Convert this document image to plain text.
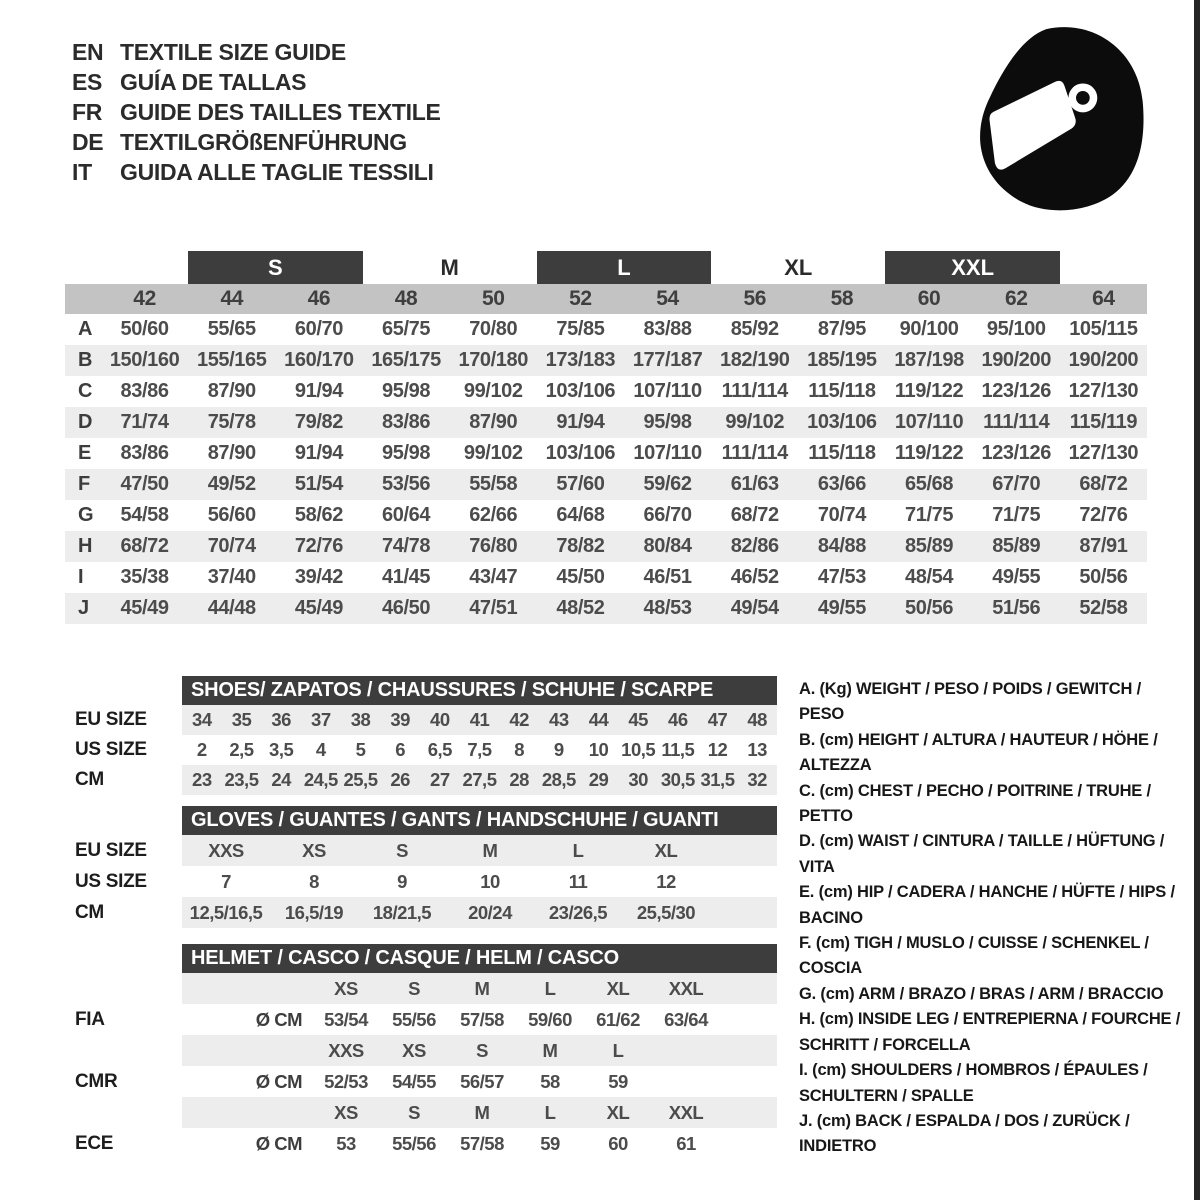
EN TEXTILE SIZE GUIDE
ES GUÍA DE TALLAS
FR GUIDE DES TAILLES TEXTILE
DE TEXTILGRÖßENFÜHRUNG
IT	GUIDA ALLE TAGLIE TESSILI
S	M	L	XL	XXL
42	44	46	48	50	52	54	56	58	60	62	64
A	50/60	55/65	60/70	65/75	70/80	75/85	83/88	85/92	87/95	90/100	95/100	105/115
B 150/160 155/165 160/170 165/175 170/180 173/183 177/187 182/190 185/195 187/198 190/200 190/200
C	83/86	87/90	91/94	95/98	99/102	103/106 107/110 111/114	115/118 119/122 123/126 127/130
D	71/74	75/78	79/82	83/86	87/90	91/94	95/98	99/102	103/106 107/110 111/114	115/119
E	83/86	87/90	91/94	95/98	99/102	103/106 107/110 111/114	115/118 119/122 123/126 127/130
F	47/50	49/52	51/54	53/56	55/58	57/60	59/62	61/63	63/66	65/68	67/70	68/72
G	54/58	56/60	58/62	60/64	62/66	64/68	66/70	68/72	70/74	71/75	71/75	72/76
H	68/72	70/74	72/76	74/78	76/80	78/82	80/84	82/86	84/88	85/89	85/89	87/91
I	35/38	37/40	39/42	41/45	43/47	45/50	46/51	46/52	47/53	48/54	49/55	50/56
J	45/49	44/48	45/49	46/50	47/51	48/52	48/53	49/54	49/55	50/56	51/56	52/58
SHOES/ ZAPATOS / CHAUSSURES / SCHUHE / SCARPE
EU SIZE	34	35	36	37	38	39	40	41	42	43	44	45	46	47	48
US SIZE	2	2,5 3,5	4	5	6	6,5 7,5	8	9	10 10,5 11,5 12	13
CM	23 23,5 24 24,5 25,5 26	27 27,5 28 28,5 29	30 30,5 31,5 32
GLOVES / GUANTES / GANTS / HANDSCHUHE / GUANTI
EU SIZE	XXS	XS	S	M	L	XL
US SIZE	7	8	9	10	11	12
CM	12,5/16,5	16,5/19	18/21,5	20/24	23/26,5	25,5/30
HELMET / CASCO / CASQUE / HELM / CASCO
XS	S	M	L	XL	XXL
FIA	Ø CM	53/54	55/56	57/58	59/60	61/62	63/64
XXS	XS	S	M	L
CMR	Ø CM	52/53	54/55	56/57	58	59
XS	S	M	L	XL	XXL
ECE	Ø CM	53	55/56	57/58	59	60	61
A. (Kg) WEIGHT / PESO / POIDS / GEWITCH / PESO
B. (cm) HEIGHT / ALTURA / HAUTEUR / HÖHE / ALTEZZA
C. (cm) CHEST / PECHO / POITRINE / TRUHE / PETTO
D. (cm) WAIST / CINTURA / TAILLE / HÜFTUNG / VITA
E. (cm) HIP / CADERA / HANCHE / HÜFTE / HIPS / BACINO
F. (cm) TIGH / MUSLO / CUISSE / SCHENKEL / COSCIA
G. (cm) ARM / BRAZO / BRAS / ARM / BRACCIO
H. (cm) INSIDE LEG / ENTREPIERNA / FOURCHE / SCHRITT / FORCELLA
I. (cm) SHOULDERS / HOMBROS / ÉPAULES / SCHULTERN / SPALLE
J. (cm) BACK / ESPALDA / DOS / ZURÜCK / INDIETRO
